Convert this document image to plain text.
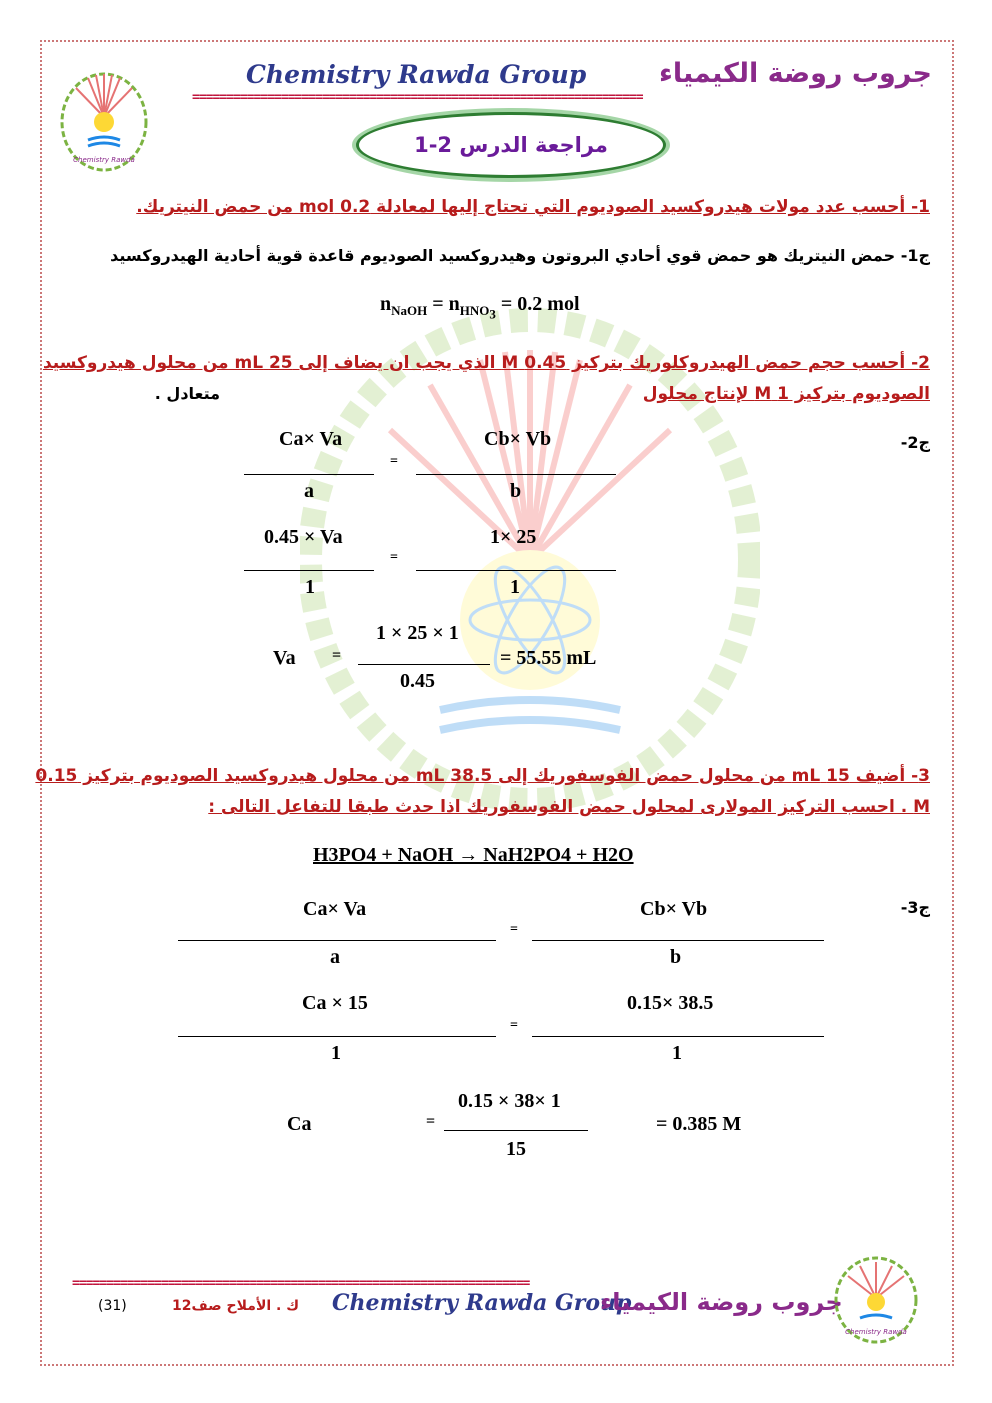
Chemistry Rawda
Chemistry Rawda Group	جروب روضة الكيمياء
==================================================================
مراجعة الدرس 2-1
1- أحسب عدد مولات هيدروكسيد الصوديوم التي تحتاج إليها لمعادلة 0.2 mol من حمض النيتريك.
ج1- حمض النيتريك هو حمض قوي أحادي البروتون وهيدروكسيد الصوديوم قاعدة قوية أحادية الهيدروكسيد
$n_{NaOH} = n_{HNO_3} = 0.2$ mol
2- أحسب حجم حمض الهيدروكلوريك بتركيز 0.45 M الذي يجب ان يضاف إلى 25 mL من محلول هيدروكسيد
الصوديوم بتركيز 1 M لإنتاج محلول
متعادل .
ج2-
Ca× Va	Cb× Vb
=
a	b
0.45 × Va	1× 25
=
1	1
Va =
1 × 25 × 1
= 55.55 mL
0.45
3- أضيف 15 mL من محلول حمض الفوسفوريك إلى 38.5 mL من محلول هيدروكسيد الصوديوم بتركيز 0.15
M . احسب التركيز المولارى لمحلول حمض الفوسفوريك اذا حدث طبقا للتفاعل التالى :
H3PO4 + NaOH → NaH2PO4 + H2O
ج3-
Ca× Va	Cb× Vb
=
a	b
Ca × 15	0.15× 38.5
=
1	1
Ca	=
0.15 × 38× 1
= 0.385 M
15
===================================================================
(31)	ك . الأملاح صف12 Chemistry Rawda Group
جروب روضة الكيمياء
Chemistry Rawda
